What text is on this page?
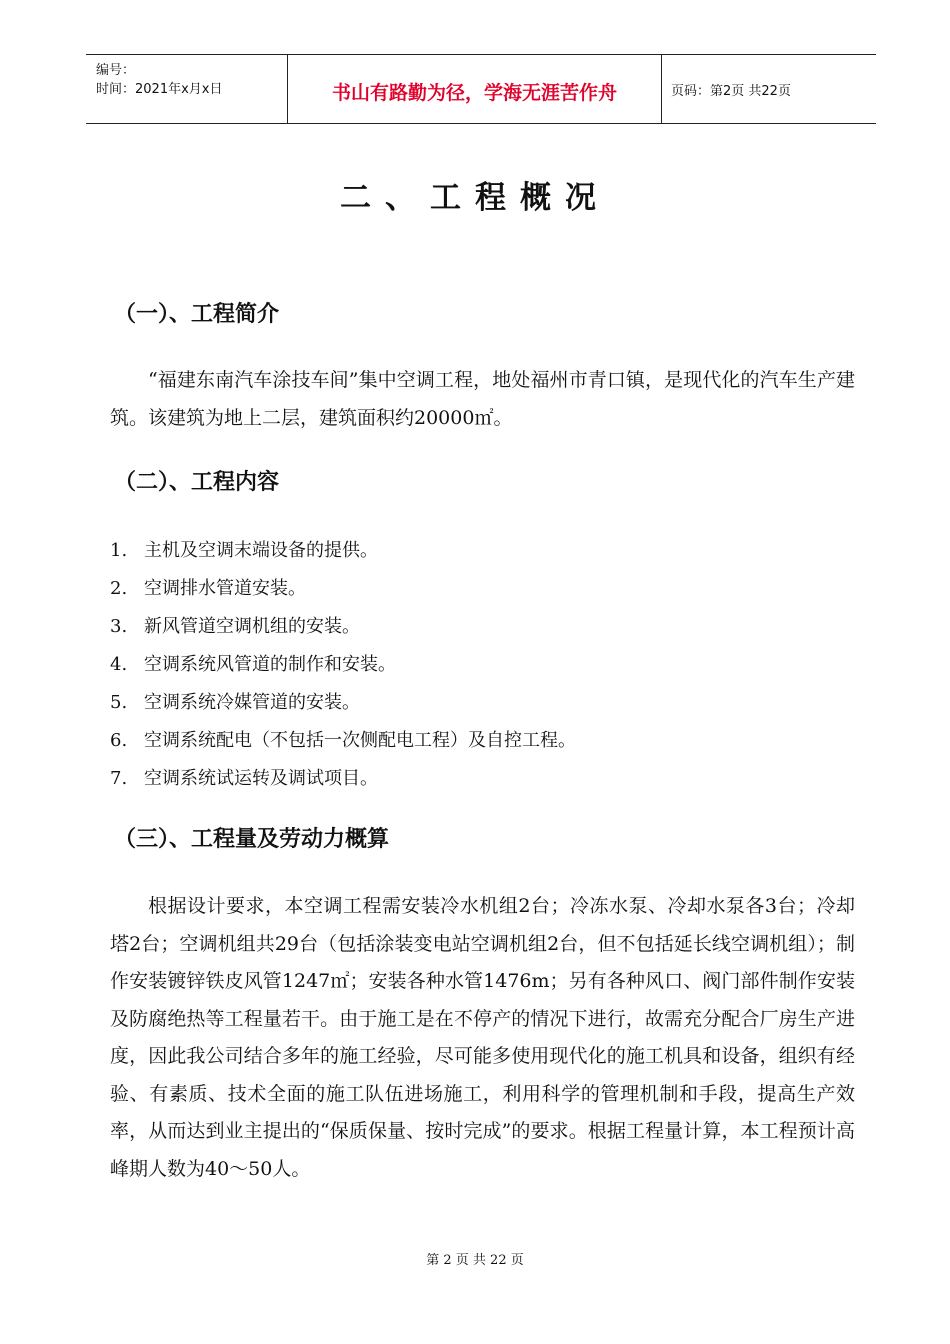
编号：
时间：2021年x月x日	书山有路勤为径，学海无涯苦作舟	页码：第2页 共22页
二、工程概况
（一）、工程简介

“福建东南汽车涂技车间”集中空调工程，地处福州市青口镇，是现代化的汽车生产建筑。该建筑为地上二层，建筑面积约20000㎡。

（二）、工程内容
1. 主机及空调末端设备的提供。
2. 空调排水管道安装。
3. 新风管道空调机组的安装。
4. 空调系统风管道的制作和安装。
5. 空调系统冷媒管道的安装。
6. 空调系统配电（不包括一次侧配电工程）及自控工程。
7. 空调系统试运转及调试项目。
（三）、工程量及劳动力概算

根据设计要求，本空调工程需安装冷水机组2台；冷冻水泵、冷却水泵各3台；冷却塔2台；空调机组共29台（包括涂装变电站空调机组2台，但不包括延长线空调机组）；制作安装镀锌铁皮风管1247㎡；安装各种水管1476m；另有各种风口、阀门部件制作安装及防腐绝热等工程量若干。由于施工是在不停产的情况下进行，故需充分配合厂房生产进度，因此我公司结合多年的施工经验，尽可能多使用现代化的施工机具和设备，组织有经验、有素质、技术全面的施工队伍进场施工，利用科学的管理机制和手段，提高生产效率，从而达到业主提出的“保质保量、按时完成”的要求。根据工程量计算，本工程预计高峰期人数为40～50人。

第 2 页 共 22 页
